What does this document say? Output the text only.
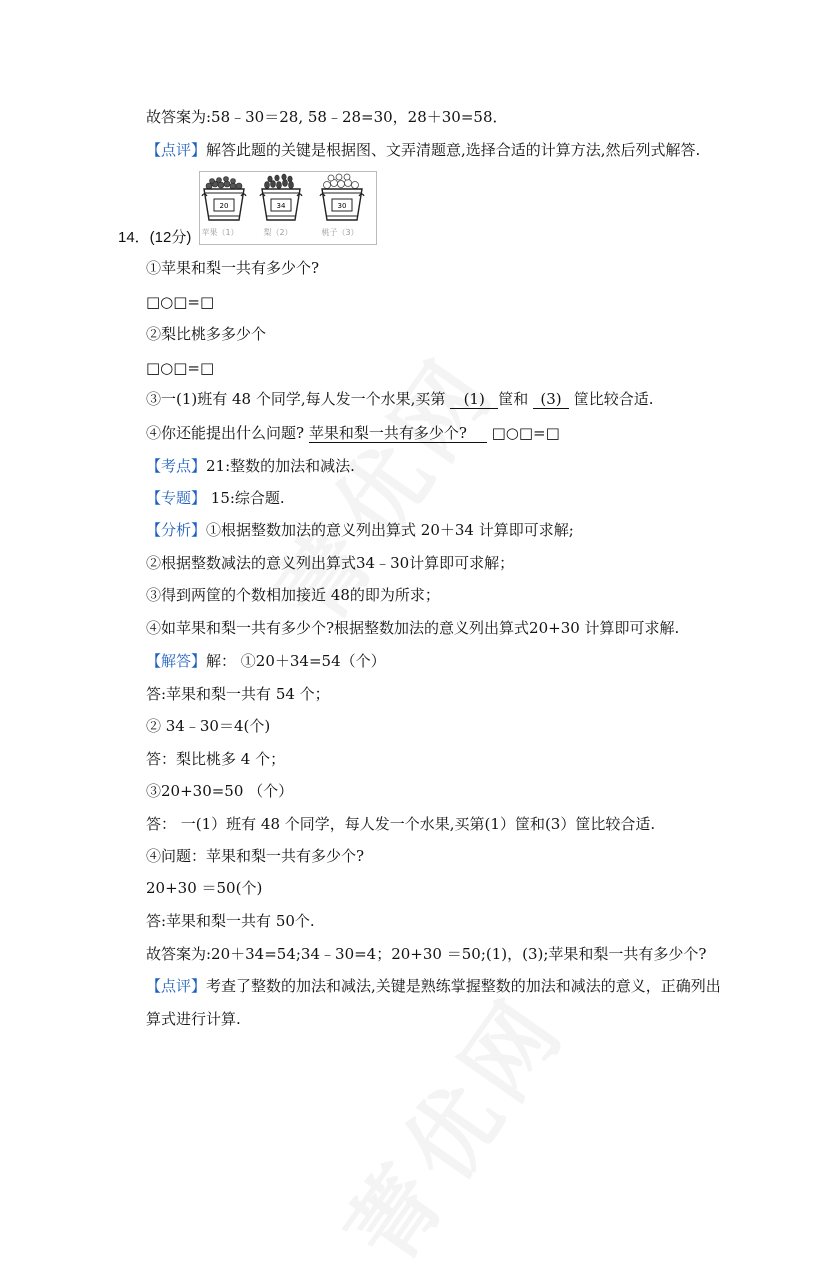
故答案为:58﹣30＝28, 58﹣28=30，28＋30=58．
【点评】解答此题的关键是根据图、文弄清题意,选择合适的计算方法,然后列式解答.
20
苹果（1）
34
梨（2）
30
桃子（3）
14．(12分)
①苹果和梨一共有多少个?
□○□=□
②梨比桃多多少个
□○□=□
③一(1)班有 48 个同学,每人发一个水果,买第 (1) 筐和 (3) 筐比较合适.
④你还能提出什么问题? 苹果和梨一共有多少个? □○□=□
【考点】21:整数的加法和减法.
【专题】 15:综合题.
【分析】①根据整数加法的意义列出算式 20＋34 计算即可求解;
②根据整数减法的意义列出算式34﹣30计算即可求解；
③得到两筐的个数相加接近 48的即为所求；
④如苹果和梨一共有多少个?根据整数加法的意义列出算式20+30 计算即可求解.
【解答】解： ①20＋34=54（个）
答:苹果和梨一共有 54 个；
② 34﹣30＝4(个)
答：梨比桃多 4 个；
③20+30=50 （个）
答： 一(1）班有 48 个同学，每人发一个水果,买第(1）筐和(3）筐比较合适.
④问题：苹果和梨一共有多少个?
20+30 ＝50(个)
答:苹果和梨一共有 50个.
故答案为:20＋34=54;34﹣30=4；20+30 ＝50;(1)，(3);苹果和梨一共有多少个?
【点评】考查了整数的加法和减法,关键是熟练掌握整数的加法和减法的意义，正确列出
算式进行计算.
